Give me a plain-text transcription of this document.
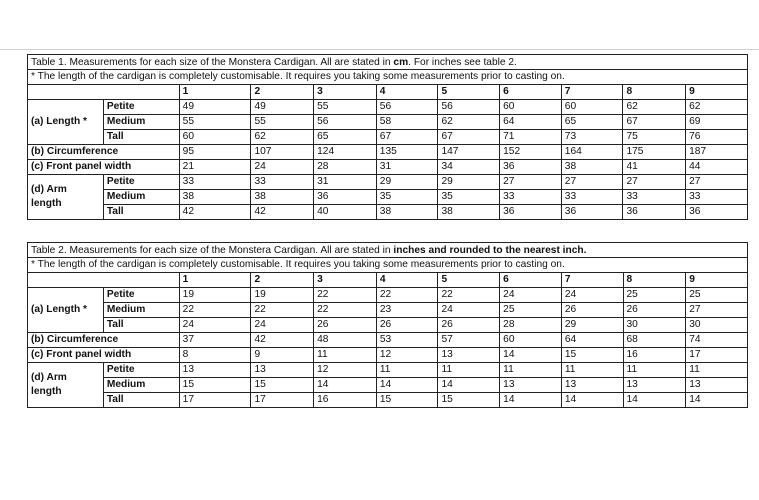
Table 1. Measurements for each size of the Monstera Cardigan. All are stated in cm. For inches see table 2.										

* The length of the cardigan is completely customisable. It requires you taking some measurements prior to casting on.										
		1	2	3	4	5	6	7	8	9
(a) Length *	Petite	49	49	55	56	56	60	60	62	62
	Medium	55	55	56	58	62	64	65	67	69
	Tall	60	62	65	67	67	71	73	75	76
(b) Circumference		95	107	124	135	147	152	164	175	187
(c) Front panel width		21	24	28	31	34	36	38	41	44

(d) Arm
length	Petite	33	33	31	29	29	27	27	27	27
	Medium	38	38	36	35	35	33	33	33	33
	Tall	42	42	40	38	38	36	36	36	36
Table 2. Measurements for each size of the Monstera Cardigan. All are stated in inches and rounded to the nearest inch.										

* The length of the cardigan is completely customisable. It requires you taking some measurements prior to casting on.										
		1	2	3	4	5	6	7	8	9
(a) Length *	Petite	19	19	22	22	22	24	24	25	25
	Medium	22	22	22	23	24	25	26	26	27
	Tall	24	24	26	26	26	28	29	30	30
(b) Circumference		37	42	48	53	57	60	64	68	74
(c) Front panel width		8	9	11	12	13	14	15	16	17

(d) Arm
length	Petite	13	13	12	11	11	11	11	11	11
	Medium	15	15	14	14	14	13	13	13	13
	Tall	17	17	16	15	15	14	14	14	14
